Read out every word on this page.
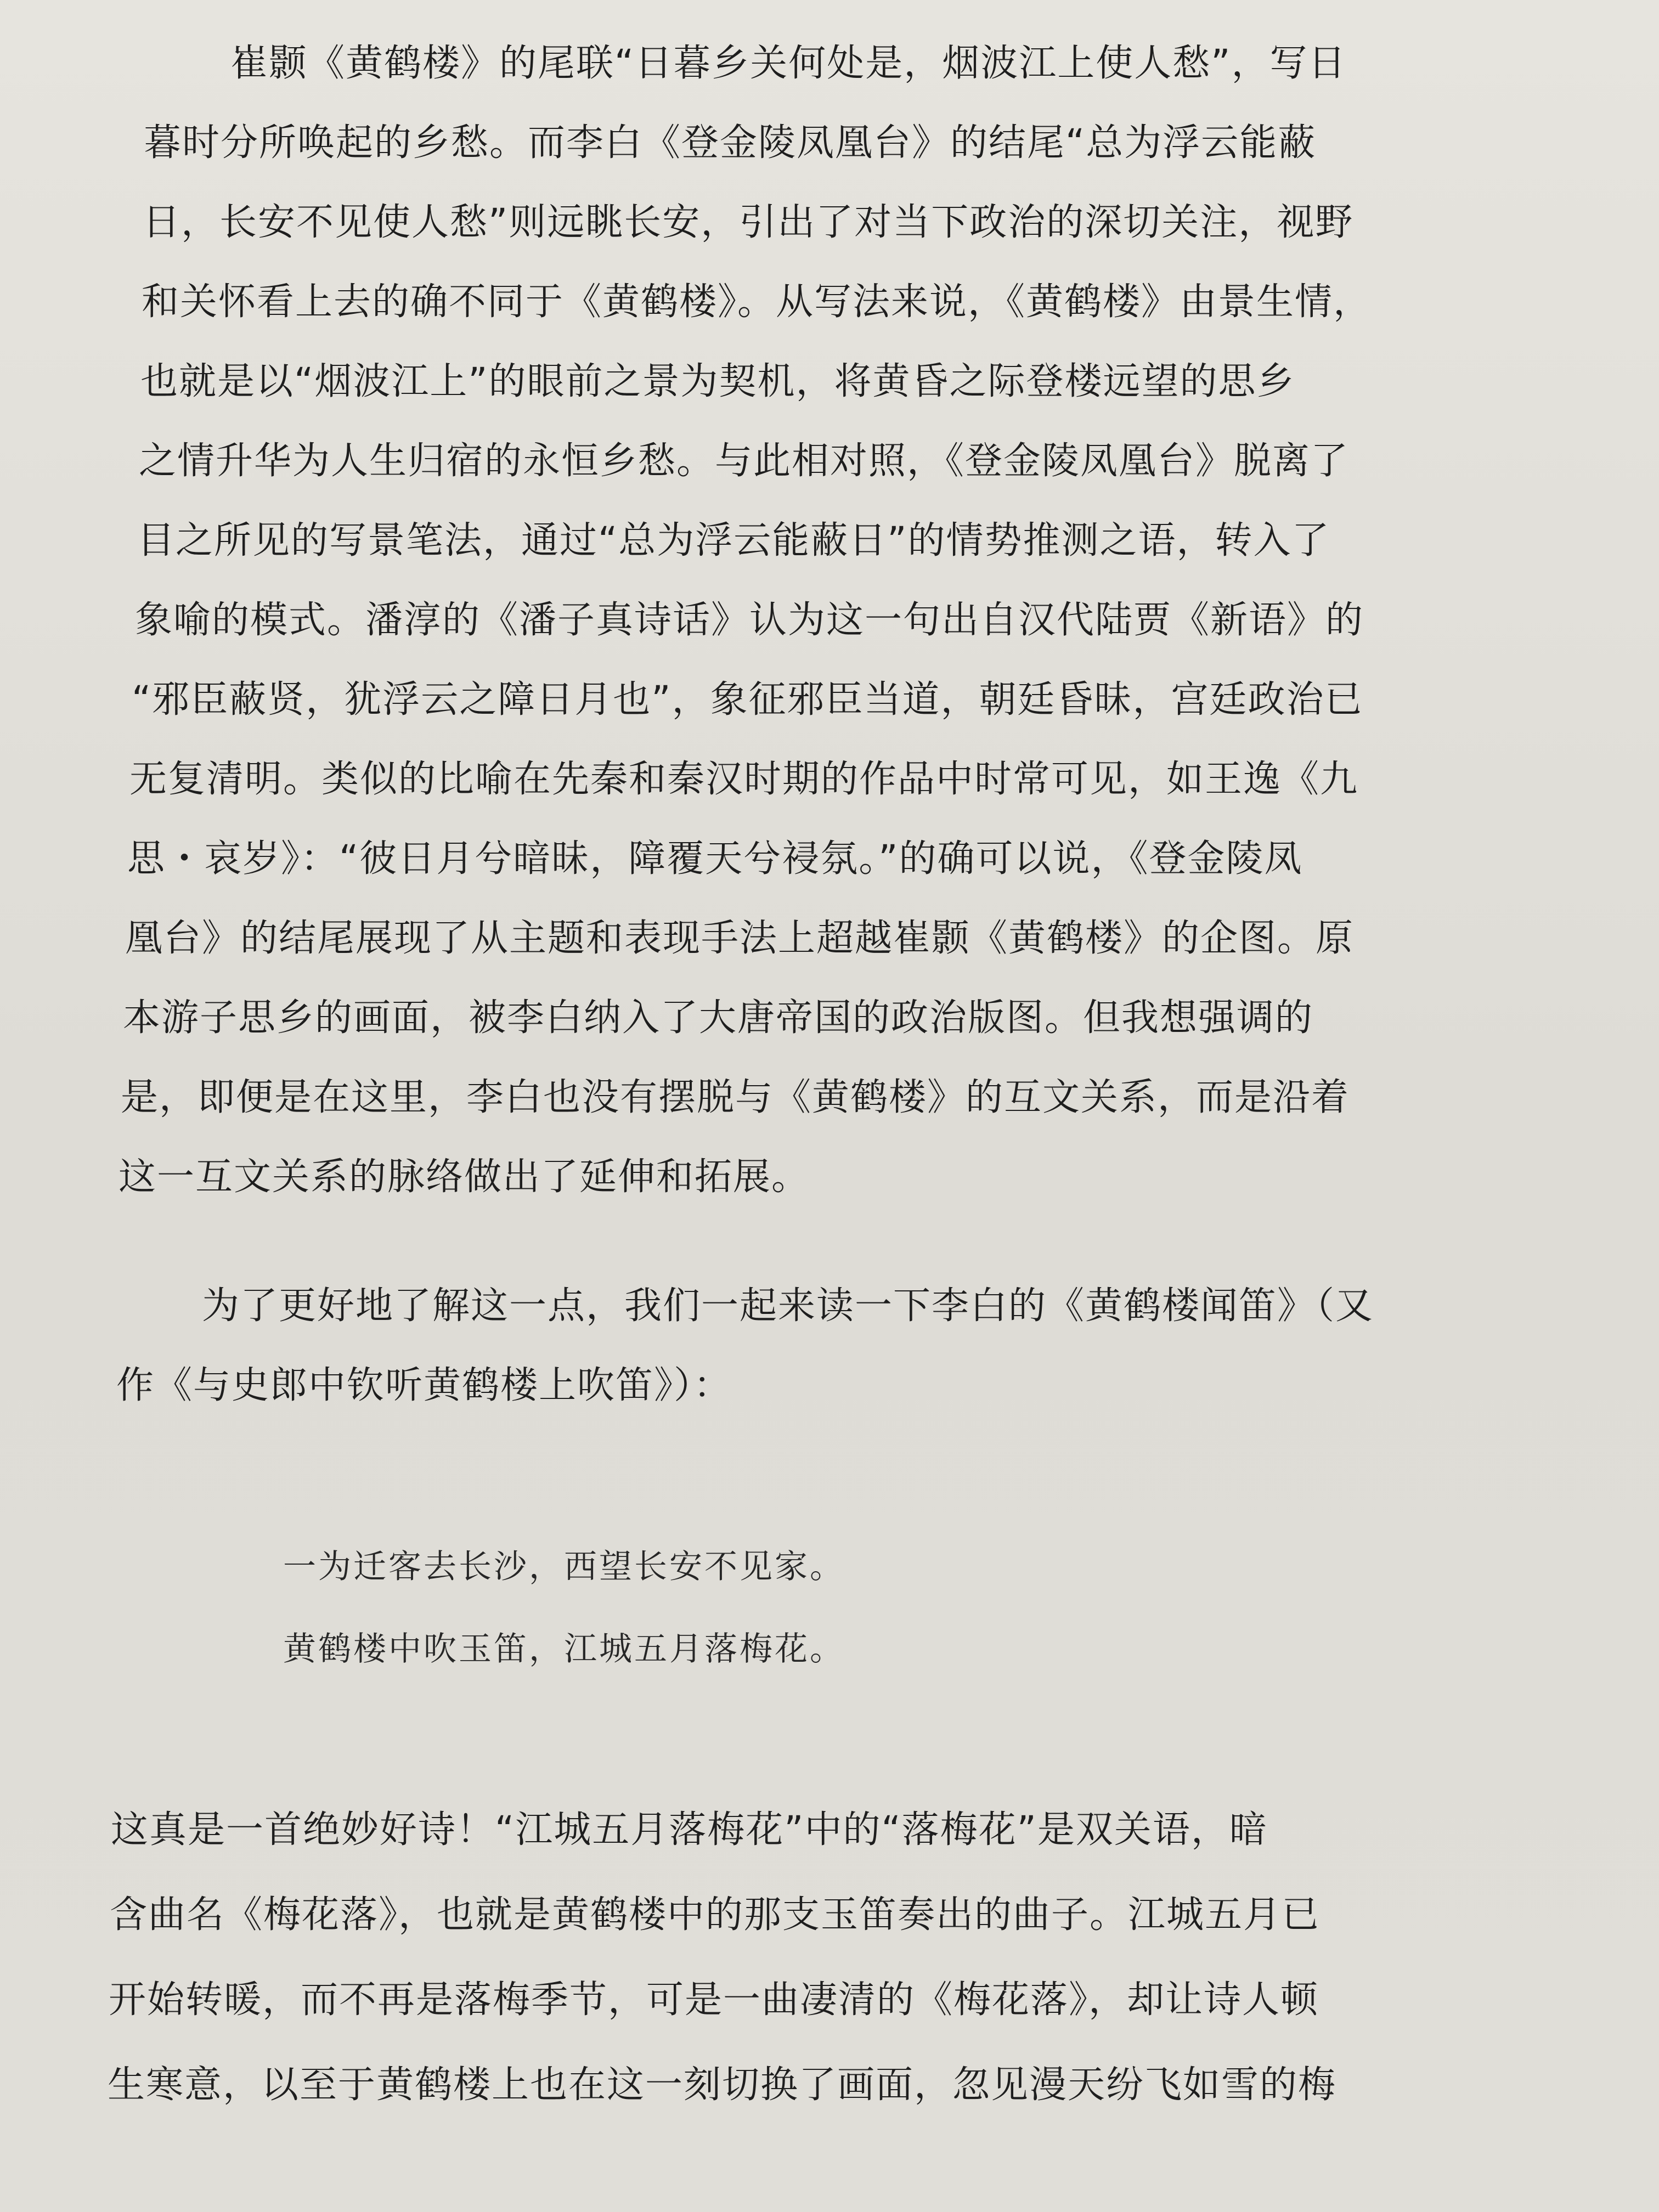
崔颢《黄鹤楼》的尾联“日暮乡关何处是，烟波江上使人愁”，写日

暮时分所唤起的乡愁。而李白《登金陵凤凰台》的结尾“总为浮云能蔽

日，长安不见使人愁”则远眺长安，引出了对当下政治的深切关注，视野

和关怀看上去的确不同于《黄鹤楼》。从写法来说，《黄鹤楼》由景生情，

也就是以“烟波江上”的眼前之景为契机，将黄昏之际登楼远望的思乡

之情升华为人生归宿的永恒乡愁。与此相对照，《登金陵凤凰台》脱离了

目之所见的写景笔法，通过“总为浮云能蔽日”的情势推测之语，转入了

象喻的模式。潘淳的《潘子真诗话》认为这一句出自汉代陆贾《新语》的

“邪臣蔽贤，犹浮云之障日月也”，象征邪臣当道，朝廷昏昧，宫廷政治已

无复清明。类似的比喻在先秦和秦汉时期的作品中时常可见，如王逸《九

思・哀岁》：“彼日月兮暗昧，障覆天兮祲氛。”的确可以说，《登金陵凤

凰台》的结尾展现了从主题和表现手法上超越崔颢《黄鹤楼》的企图。原

本游子思乡的画面，被李白纳入了大唐帝国的政治版图。但我想强调的

是，即便是在这里，李白也没有摆脱与《黄鹤楼》的互文关系，而是沿着

这一互文关系的脉络做出了延伸和拓展。

为了更好地了解这一点，我们一起来读一下李白的《黄鹤楼闻笛》（又

作《与史郎中钦听黄鹤楼上吹笛》）：

一为迁客去长沙，西望长安不见家。

黄鹤楼中吹玉笛，江城五月落梅花。

这真是一首绝妙好诗！“江城五月落梅花”中的“落梅花”是双关语，暗

含曲名《梅花落》，也就是黄鹤楼中的那支玉笛奏出的曲子。江城五月已

开始转暖，而不再是落梅季节，可是一曲凄清的《梅花落》，却让诗人顿

生寒意，以至于黄鹤楼上也在这一刻切换了画面，忽见漫天纷飞如雪的梅
